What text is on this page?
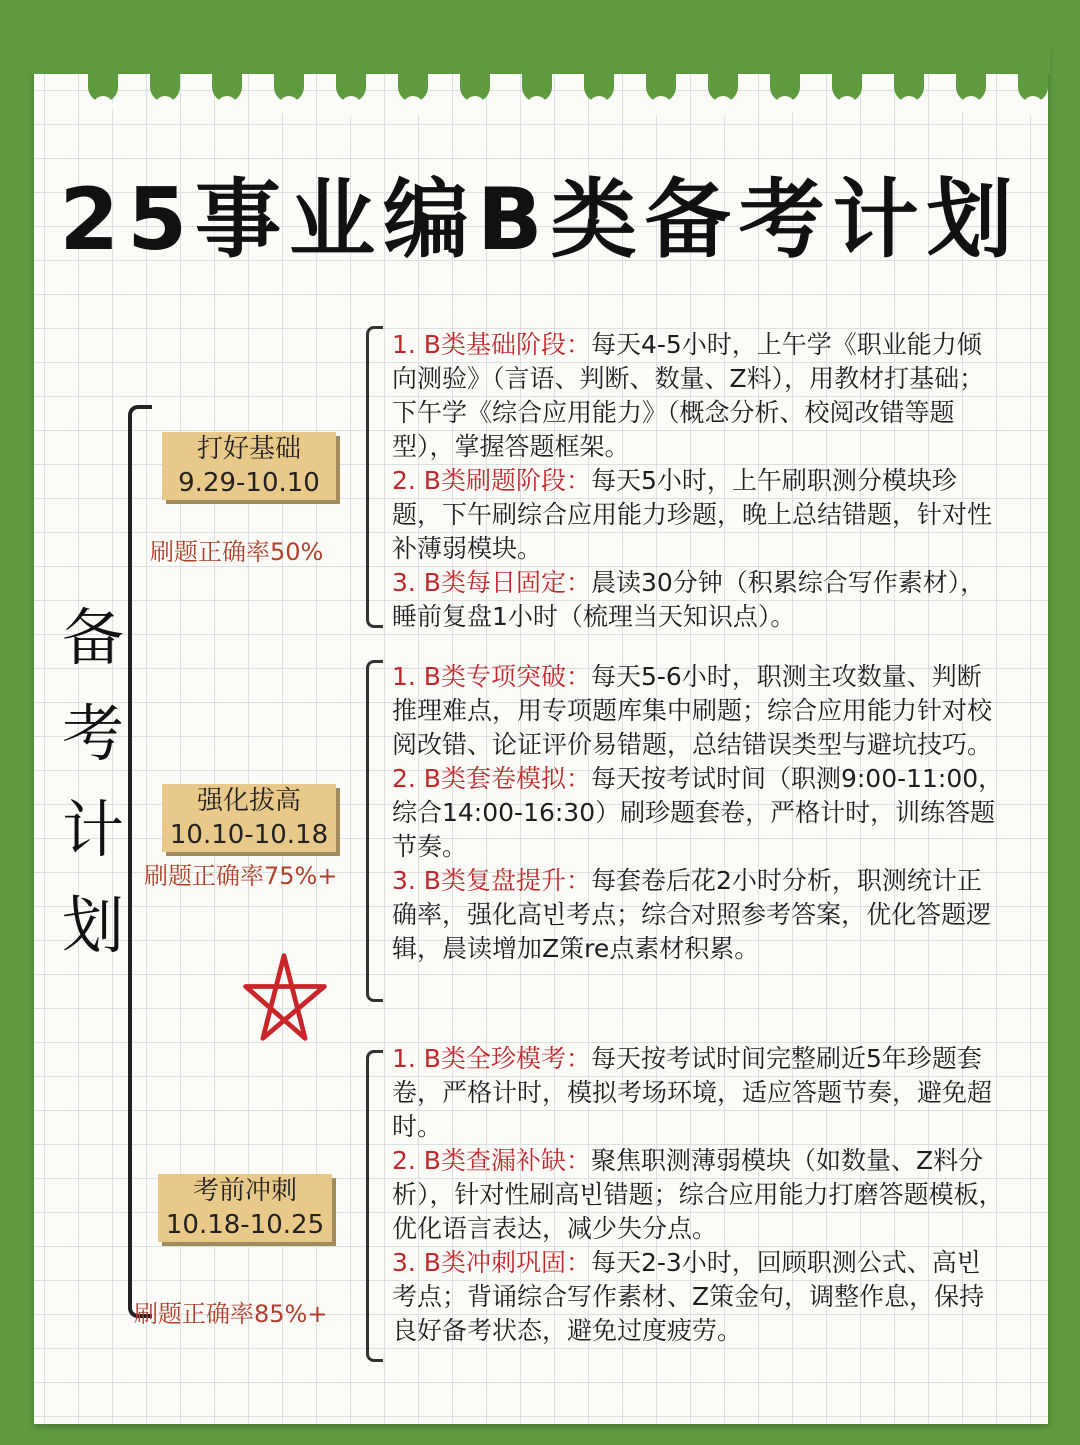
25事业编B类备考计划
备
考
计
划
打好基础
9.29-10.10
刷题正确率50%

1. B类基础阶段：每天4-5小时，上午学《职业能力倾向测验》（言语、判断、数量、Z料），用教材打基础；下午学《综合应用能力》（概念分析、校阅改错等题型），掌握答题框架。

2. B类刷题阶段：每天5小时，上午刷职测分模块珍题，下午刷综合应用能力珍题，晚上总结错题，针对性补薄弱模块。

3. B类每日固定：晨读30分钟（积累综合写作素材），睡前复盘1小时（梳理当天知识点）。

强化拔高
10.10-10.18
刷题正确率75%+

1. B类专项突破：每天5-6小时，职测主攻数量、判断推理难点，用专项题库集中刷题；综合应用能力针对校阅改错、论证评价易错题，总结错误类型与避坑技巧。

2. B类套卷模拟：每天按考试时间（职测9:00-11:00，综合14:00-16:30）刷珍题套卷，严格计时，训练答题节奏。

3. B类复盘提升：每套卷后花2小时分析，职测统计正确率，强化高빈考点；综合对照参考答案，优化答题逻辑，晨读增加Z策re点素材积累。

考前冲刺
10.18-10.25
刷题正确率85%+

1. B类全珍模考：每天按考试时间完整刷近5年珍题套卷，严格计时，模拟考场环境，适应答题节奏，避免超时。

2. B类查漏补缺：聚焦职测薄弱模块（如数量、Z料分析），针对性刷高빈错题；综合应用能力打磨答题模板，优化语言表达，减少失分点。

3. B类冲刺巩固：每天2-3小时，回顾职测公式、高빈考点；背诵综合写作素材、Z策金句，调整作息，保持良好备考状态，避免过度疲劳。
